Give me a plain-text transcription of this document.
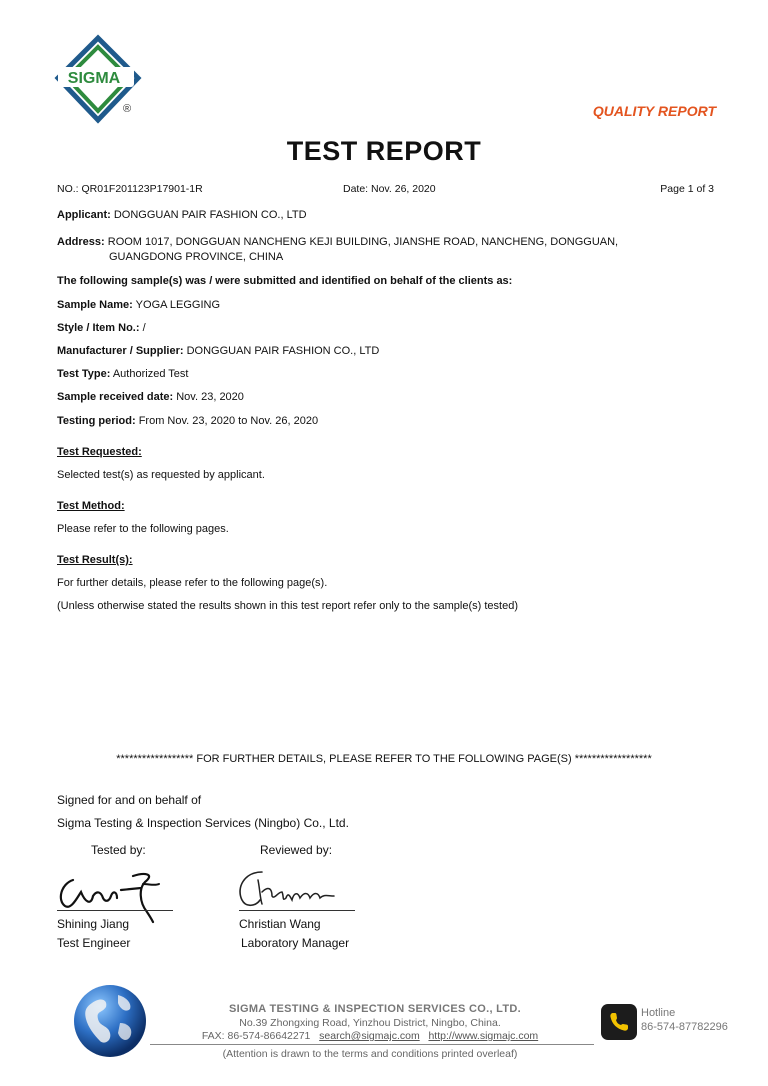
SIGMA
®	QUALITY REPORT
TEST REPORT
NO.: QR01F201123P17901-1R	Date: Nov. 26, 2020	Page 1 of 3
Applicant: DONGGUAN PAIR FASHION CO., LTD
Address: ROOM 1017, DONGGUAN NANCHENG KEJI BUILDING, JIANSHE ROAD, NANCHENG, DONGGUAN,
GUANGDONG PROVINCE, CHINA
The following sample(s) was / were submitted and identified on behalf of the clients as:
Sample Name: YOGA LEGGING
Style / Item No.: /
Manufacturer / Supplier: DONGGUAN PAIR FASHION CO., LTD
Test Type: Authorized Test
Sample received date: Nov. 23, 2020
Testing period: From Nov. 23, 2020 to Nov. 26, 2020
Test Requested:
Selected test(s) as requested by applicant.
Test Method:
Please refer to the following pages.
Test Result(s):
For further details, please refer to the following page(s).
(Unless otherwise stated the results shown in this test report refer only to the sample(s) tested)
****************** FOR FURTHER DETAILS, PLEASE REFER TO THE FOLLOWING PAGE(S) ******************
Signed for and on behalf of
Sigma Testing & Inspection Services (Ningbo) Co., Ltd.
Tested by:	Reviewed by:
Shining Jiang
Test Engineer
Christian Wang
Laboratory Manager
SIGMA TESTING & INSPECTION SERVICES CO., LTD.
No.39 Zhongxing Road, Yinzhou District, Ningbo, China.
FAX: 86-574-86642271 search@sigmajc.com http://www.sigmajc.com
(Attention is drawn to the terms and conditions printed overleaf)
Hotline
86-574-87782296
